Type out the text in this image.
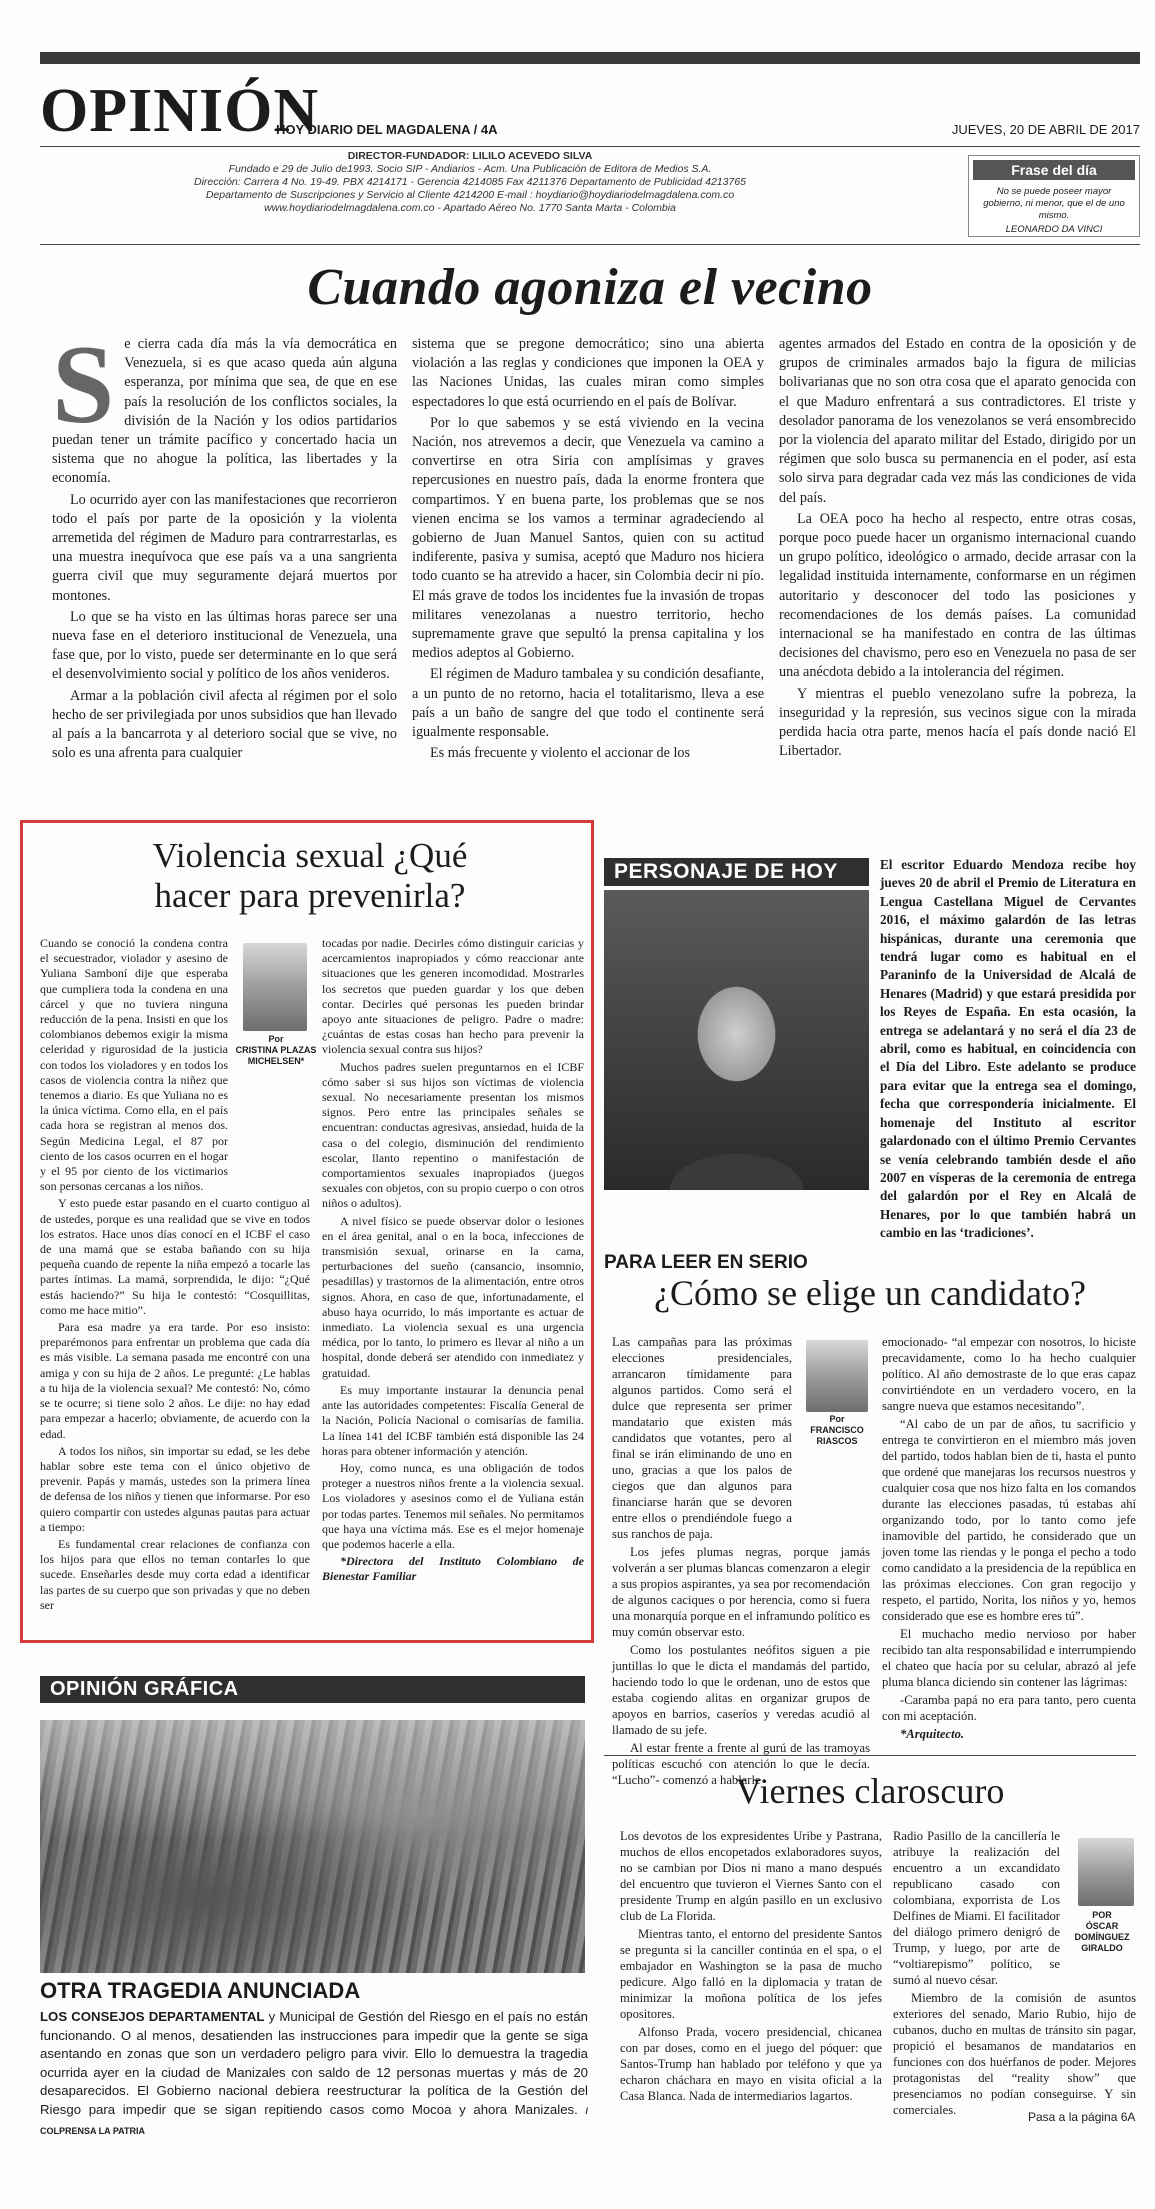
OPINIÓN
HOY DIARIO DEL MAGDALENA / 4A	JUEVES, 20 DE ABRIL DE 2017
DIRECTOR-FUNDADOR: LILILO ACEVEDO SILVA
Fundado e 29 de Julio de1993. Socio SIP - Andiarios - Acm. Una Publicación de Editora de Medios S.A.
Dirección: Carrera 4 No. 19-49. PBX 4214171 - Gerencia 4214085 Fax 4211376 Departamento de Publicidad 4213765
Departamento de Suscripciones y Servicio al Cliente 4214200 E-mail : hoydiario@hoydiariodelmagdalena.com.co
www.hoydiariodelmagdalena.com.co - Apartado Aéreo No. 1770 Santa Marta - Colombia
Frase del día
No se puede poseer mayor gobierno, ni menor, que el de uno mismo.
LEONARDO DA VINCI
Cuando agoniza el vecino
S e cierra cada día más la vía democrática en Venezuela, si es que acaso queda aún alguna esperanza, por mínima que sea, de que en ese país la resolución de los conflictos sociales, la división de la Nación y los odios partidarios puedan tener un trámite pacífico y concertado hacia un sistema que no ahogue la política, las libertades y la economía.

Lo ocurrido ayer con las manifestaciones que recorrieron todo el país por parte de la oposición y la violenta arremetida del régimen de Maduro para contrarrestarlas, es una muestra inequívoca que ese país va a una sangrienta guerra civil que muy seguramente dejará muertos por montones.

Lo que se ha visto en las últimas horas parece ser una nueva fase en el deterioro institucional de Venezuela, una fase que, por lo visto, puede ser determinante en lo que será el desenvolvimiento social y político de los años venideros.

Armar a la población civil afecta al régimen por el solo hecho de ser privilegiada por unos subsidios que han llevado al país a la bancarrota y al deterioro social que se vive, no solo es una afrenta para cualquier

sistema que se pregone democrático; sino una abierta violación a las reglas y condiciones que imponen la OEA y las Naciones Unidas, las cuales miran como simples espectadores lo que está ocurriendo en el país de Bolívar.

Por lo que sabemos y se está viviendo en la vecina Nación, nos atrevemos a decir, que Venezuela va camino a convertirse en otra Siria con amplísimas y graves repercusiones en nuestro país, dada la enorme frontera que compartimos. Y en buena parte, los problemas que se nos vienen encima se los vamos a terminar agradeciendo al gobierno de Juan Manuel Santos, quien con su actitud indiferente, pasiva y sumisa, aceptó que Maduro nos hiciera todo cuanto se ha atrevido a hacer, sin Colombia decir ni pío. El más grave de todos los incidentes fue la invasión de tropas militares venezolanas a nuestro territorio, hecho supremamente grave que sepultó la prensa capitalina y los medios adeptos al Gobierno.

El régimen de Maduro tambalea y su condición desafiante, a un punto de no retorno, hacia el totalitarismo, lleva a ese país a un baño de sangre del que todo el continente será igualmente responsable.

Es más frecuente y violento el accionar de los

agentes armados del Estado en contra de la oposición y de grupos de criminales armados bajo la figura de milicias bolivarianas que no son otra cosa que el aparato genocida con el que Maduro enfrentará a sus contradictores. El triste y desolador panorama de los venezolanos se verá ensombrecido por la violencia del aparato militar del Estado, dirigido por un régimen que solo busca su permanencia en el poder, así esta solo sirva para degradar cada vez más las condiciones de vida del país.

La OEA poco ha hecho al respecto, entre otras cosas, porque poco puede hacer un organismo internacional cuando un grupo político, ideológico o armado, decide arrasar con la legalidad instituida internamente, conformarse en un régimen autoritario y desconocer del todo las posiciones y recomendaciones de los demás países. La comunidad internacional se ha manifestado en contra de las últimas decisiones del chavismo, pero eso en Venezuela no pasa de ser una anécdota debido a la intolerancia del régimen.

Y mientras el pueblo venezolano sufre la pobreza, la inseguridad y la represión, sus vecinos sigue con la mirada perdida hacia otra parte, menos hacía el país donde nació El Libertador.

Violencia sexual ¿Qué
hacer para prevenirla?
Por
CRISTINA PLAZAS MICHELSEN*

Cuando se conoció la condena contra el secuestrador, violador y asesino de Yuliana Samboní dije que esperaba que cumpliera toda la condena en una cárcel y que no tuviera ninguna reducción de la pena. Insisti en que los colombianos debemos exigir la misma celeridad y rigurosidad de la justicia con todos los violadores y en todos los casos de violencia contra la niñez que tenemos a diario. Es que Yuliana no es la única víctima. Como ella, en el país cada hora se registran al menos dos. Según Medicina Legal, el 87 por ciento de los casos ocurren en el hogar y el 95 por ciento de los victimarios son personas cercanas a los niños.

Y esto puede estar pasando en el cuarto contiguo al de ustedes, porque es una realidad que se vive en todos los estratos. Hace unos días conocí en el ICBF el caso de una mamá que se estaba bañando con su hija pequeña cuando de repente la niña empezó a tocarle las partes íntimas. La mamá, sorprendida, le dijo: “¿Qué estás haciendo?” Su hija le contestó: “Cosquillitas, como me hace mitio”.

Para esa madre ya era tarde. Por eso insisto: preparémonos para enfrentar un problema que cada día es más visible. La semana pasada me encontré con una amiga y con su hija de 2 años. Le pregunté: ¿Le hablas a tu hija de la violencia sexual? Me contestó: No, cómo se te ocurre; si tiene solo 2 años. Le dije: no hay edad para empezar a hacerlo; obviamente, de acuerdo con la edad.

A todos los niños, sin importar su edad, se les debe hablar sobre este tema con el único objetivo de prevenir. Papás y mamás, ustedes son la primera línea de defensa de los niños y tienen que informarse. Por eso quiero compartir con ustedes algunas pautas para actuar a tiempo:

Es fundamental crear relaciones de confianza con los hijos para que ellos no teman contarles lo que sucede. Enseñarles desde muy corta edad a identificar las partes de su cuerpo que son privadas y que no deben ser

tocadas por nadie. Decirles cómo distinguir caricias y acercamientos inapropiados y cómo reaccionar ante situaciones que les generen incomodidad. Mostrarles los secretos que pueden guardar y los que deben contar. Decirles qué personas les pueden brindar apoyo ante situaciones de peligro. Padre o madre: ¿cuántas de estas cosas han hecho para prevenir la violencia sexual contra sus hijos?

Muchos padres suelen preguntarnos en el ICBF cómo saber si sus hijos son víctimas de violencia sexual. No necesariamente presentan los mismos signos. Pero entre las principales señales se encuentran: conductas agresivas, ansiedad, huida de la casa o del colegio, disminución del rendimiento escolar, llanto repentino o manifestación de comportamientos sexuales inapropiados (juegos sexuales con objetos, con su propio cuerpo o con otros niños o adultos).

A nivel físico se puede observar dolor o lesiones en el área genital, anal o en la boca, infecciones de transmisión sexual, orinarse en la cama, perturbaciones del sueño (cansancio, insomnio, pesadillas) y trastornos de la alimentación, entre otros signos. Ahora, en caso de que, infortunadamente, el abuso haya ocurrido, lo más importante es actuar de inmediato. La violencia sexual es una urgencia médica, por lo tanto, lo primero es llevar al niño a un hospital, donde deberá ser atendido con inmediatez y gratuidad.

Es muy importante instaurar la denuncia penal ante las autoridades competentes: Fiscalía General de la Nación, Policía Nacional o comisarías de familia. La línea 141 del ICBF también está disponible las 24 horas para obtener información y atención.

Hoy, como nunca, es una obligación de todos proteger a nuestros niños frente a la violencia sexual. Los violadores y asesinos como el de Yuliana están por todas partes. Tenemos mil señales. No permitamos que haya una víctima más. Ese es el mejor homenaje que podemos hacerle a ella.

*Directora del Instituto Colombiano de Bienestar Familiar

PERSONAJE DE HOY	El escritor Eduardo Mendoza recibe hoy jueves 20 de abril el Premio de Literatura en Lengua Castellana Miguel de Cervantes 2016, el máximo galardón de las letras hispánicas, durante una ceremonia que tendrá lugar como es habitual en el Paraninfo de la Universidad de Alcalá de Henares (Madrid) y que estará presidida por los Reyes de España. En esta ocasión, la entrega se adelantará y no será el día 23 de abril, como es habitual, en coincidencia con el Día del Libro. Este adelanto se produce para evitar que la entrega sea el domingo, fecha que correspondería inicialmente. El homenaje del Instituto al escritor galardonado con el último Premio Cervantes se venía celebrando también desde el año 2007 en vísperas de la ceremonia de entrega del galardón por el Rey en Alcalá de Henares, por lo que también habrá un cambio en las ‘tradiciones’.

PARA LEER EN SERIO
¿Cómo se elige un candidato?
Por
FRANCISCO RIASCOS

Las campañas para las próximas elecciones presidenciales, arrancaron tímidamente para algunos partidos. Como será el dulce que representa ser primer mandatario que existen más candidatos que votantes, pero al final se irán eliminando de uno en uno, gracias a que los palos de ciegos que dan algunos para financiarse harán que se devoren entre ellos o prendiéndole fuego a sus ranchos de paja.

Los jefes plumas negras, porque jamás volverán a ser plumas blancas comenzaron a elegir a sus propios aspirantes, ya sea por recomendación de algunos caciques o por herencia, como si fuera una monarquía porque en el inframundo político es muy común observar esto.

Como los postulantes neófitos siguen a pie juntillas lo que le dicta el mandamás del partido, haciendo todo lo que le ordenan, uno de estos que estaba cogiendo alitas en organizar grupos de apoyos en barrios, caseríos y veredas acudió al llamado de su jefe.

Al estar frente a frente al gurú de las tramoyas políticas escuchó con atención lo que le decía. “Lucho”- comenzó a hablarle

emocionado- “al empezar con nosotros, lo hiciste precavidamente, como lo ha hecho cualquier político. Al año demostraste de lo que eras capaz convirtiéndote en un verdadero vocero, en la sangre nueva que estamos necesitando”.

“Al cabo de un par de años, tu sacrificio y entrega te convirtieron en el miembro más joven del partido, todos hablan bien de ti, hasta el punto que ordené que manejaras los recursos nuestros y cualquier cosa que nos hizo falta en los comandos durante las elecciones pasadas, tú estabas ahí organizando todo, por lo tanto como jefe inamovible del partido, he considerado que un joven tome las riendas y le ponga el pecho a todo como candidato a la presidencia de la república en las próximas elecciones. Con gran regocijo y respeto, el partido, Norita, los niños y yo, hemos considerado que ese es hombre eres tú”.

El muchacho medio nervioso por haber recibido tan alta responsabilidad e interrumpiendo el chateo que hacía por su celular, abrazó al jefe pluma blanca diciendo sin contener las lágrimas:

-Caramba papá no era para tanto, pero cuenta con mi aceptación.

*Arquitecto.

OPINIÓN GRÁFICA
OTRA TRAGEDIA ANUNCIADA

LOS CONSEJOS DEPARTAMENTAL y Municipal de Gestión del Riesgo en el país no están funcionando. O al menos, desatienden las instrucciones para impedir que la gente se siga asentando en zonas que son un verdadero peligro para vivir. Ello lo demuestra la tragedia ocurrida ayer en la ciudad de Manizales con saldo de 12 personas muertas y más de 20 desaparecidos. El Gobierno nacional debiera reestructurar la política de la Gestión del Riesgo para impedir que se sigan repitiendo casos como Mocoa y ahora Manizales. / COLPRENSA LA PATRIA

Viernes claroscuro

Los devotos de los expresidentes Uribe y Pastrana, muchos de ellos encopetados exlaboradores suyos, no se cambian por Dios ni mano a mano después del encuentro que tuvieron el Viernes Santo con el presidente Trump en algún pasillo en un exclusivo club de La Florida.

Mientras tanto, el entorno del presidente Santos se pregunta si la canciller continúa en el spa, o el embajador en Washington se la pasa de mucho pedicure. Algo falló en la diplomacia y tratan de minimizar la moñona política de los jefes opositores.

Alfonso Prada, vocero presidencial, chicanea con par doses, como en el juego del póquer: que Santos-Trump han hablado por teléfono y que ya echaron cháchara en mayo en visita oficial a la Casa Blanca. Nada de intermediarios lagartos.

POR
ÓSCAR DOMÍNGUEZ GIRALDO

Radio Pasillo de la cancillería le atribuye la realización del encuentro a un excandidato republicano casado con colombiana, exporrista de Los Delfines de Miami. El facilitador del diálogo primero denigró de Trump, y luego, por arte de “voltiarepismo” político, se sumó al nuevo césar.

Miembro de la comisión de asuntos exteriores del senado, Mario Rubio, hijo de cubanos, ducho en multas de tránsito sin pagar, propició el besamanos de mandatarios en funciones con dos huérfanos de poder. Mejores protagonistas del “reality show” que presenciamos no podían conseguirse. Y sin comerciales.	Pasa a la página 6A
